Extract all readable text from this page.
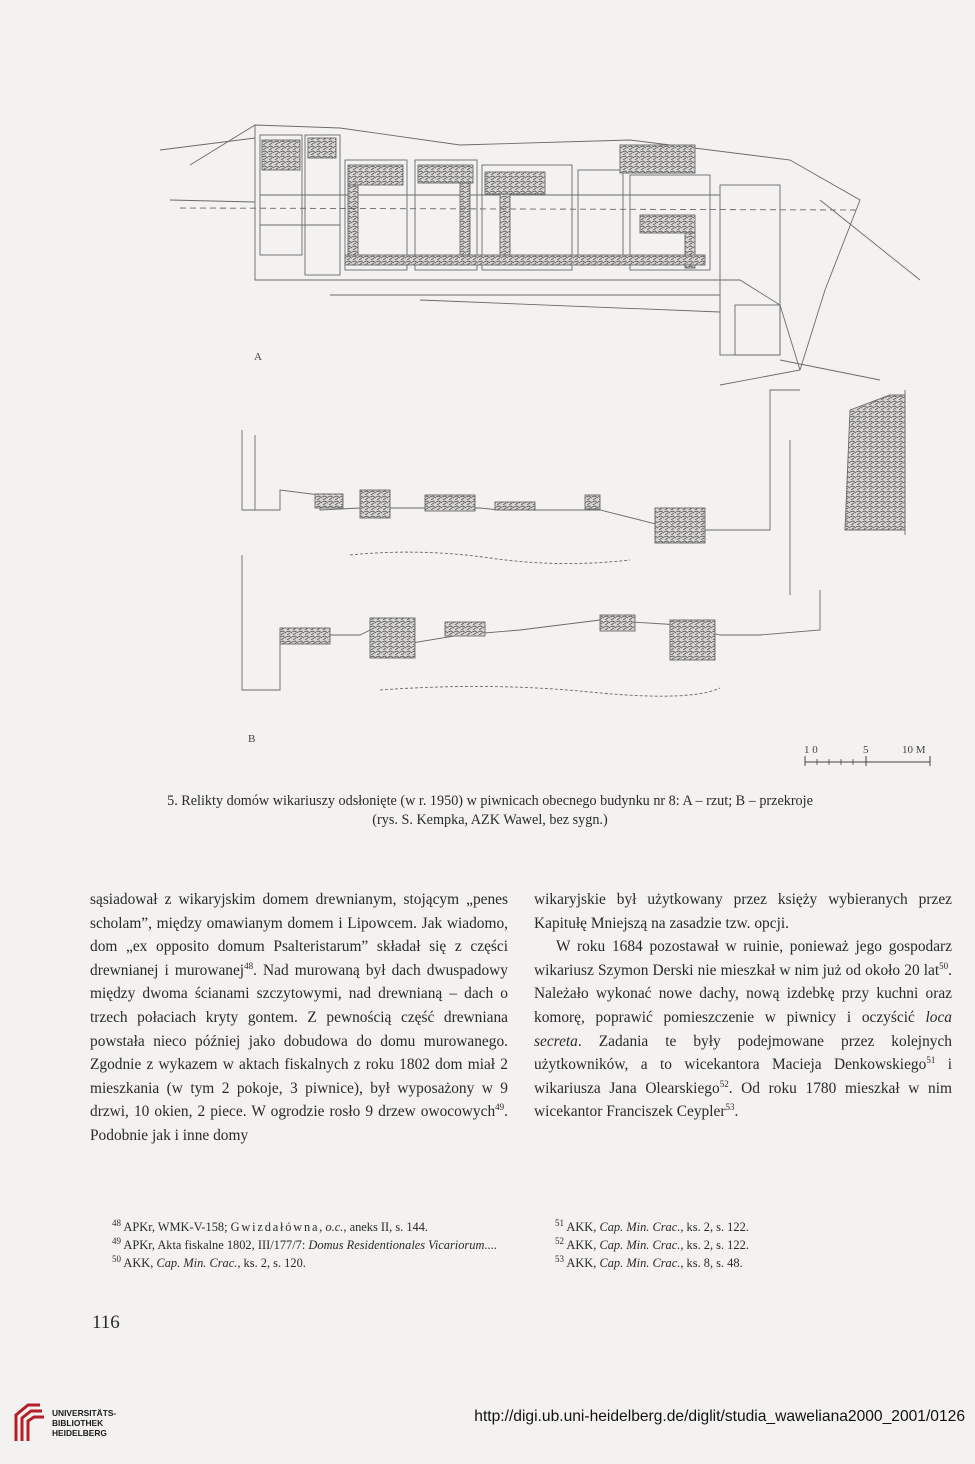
A
B
1 0	5	10 M
5. Relikty domów wikariuszy odsłonięte (w r. 1950) w piwnicach obecnego budynku nr 8: A – rzut; B – przekroje
(rys. S. Kempka, AZK Wawel, bez sygn.)

sąsiadował z wikaryjskim domem drewnianym, stojącym „penes scholam”, między omawianym domem i Lipowcem. Jak wiadomo, dom „ex opposito domum Psalteristarum” składał się z części drewnianej i murowanej$^{48}$. Nad murowaną był dach dwuspadowy między dwoma ścianami szczytowymi, nad drewnianą – dach o trzech połaciach kryty gontem. Z pewnością część drewniana powstała nieco później jako dobudowa do domu murowanego. Zgodnie z wykazem w aktach fiskalnych z roku 1802 dom miał 2 mieszkania (w tym 2 pokoje, 3 piwnice), był wyposażony w 9 drzwi, 10 okien, 2 piece. W ogrodzie rosło 9 drzew owocowych$^{49}$. Podobnie jak i inne domy

wikaryjskie był użytkowany przez księży wybieranych przez Kapitułę Mniejszą na zasadzie tzw. opcji.

W roku 1684 pozostawał w ruinie, ponieważ jego gospodarz wikariusz Szymon Derski nie mieszkał w nim już od około 20 lat$^{50}$. Należało wykonać nowe dachy, nową izdebkę przy kuchni oraz komorę, poprawić pomieszczenie w piwnicy i oczyścić loca secreta. Zadania te były podejmowane przez kolejnych użytkowników, a to wicekantora Macieja Denkowskiego$^{51}$ i wikariusza Jana Olearskiego$^{52}$. Od roku 1780 mieszkał w nim wicekantor Franciszek Ceypler$^{53}$.

$^{48}$ APKr, WMK-V-158; Gwizdałówna, o.c., aneks II, s. 144.
$^{49}$ APKr, Akta fiskalne 1802, III/177/7: Domus Residentionales Vicariorum....
$^{50}$ AKK, Cap. Min. Crac., ks. 2, s. 120.
$^{51}$ AKK, Cap. Min. Crac., ks. 2, s. 122.
$^{52}$ AKK, Cap. Min. Crac., ks. 2, s. 122.
$^{53}$ AKK, Cap. Min. Crac., ks. 8, s. 48.
116
UNIVERSITÄTS-
BIBLIOTHEK
HEIDELBERG
http://digi.ub.uni-heidelberg.de/diglit/studia_waweliana2000_2001/0126
